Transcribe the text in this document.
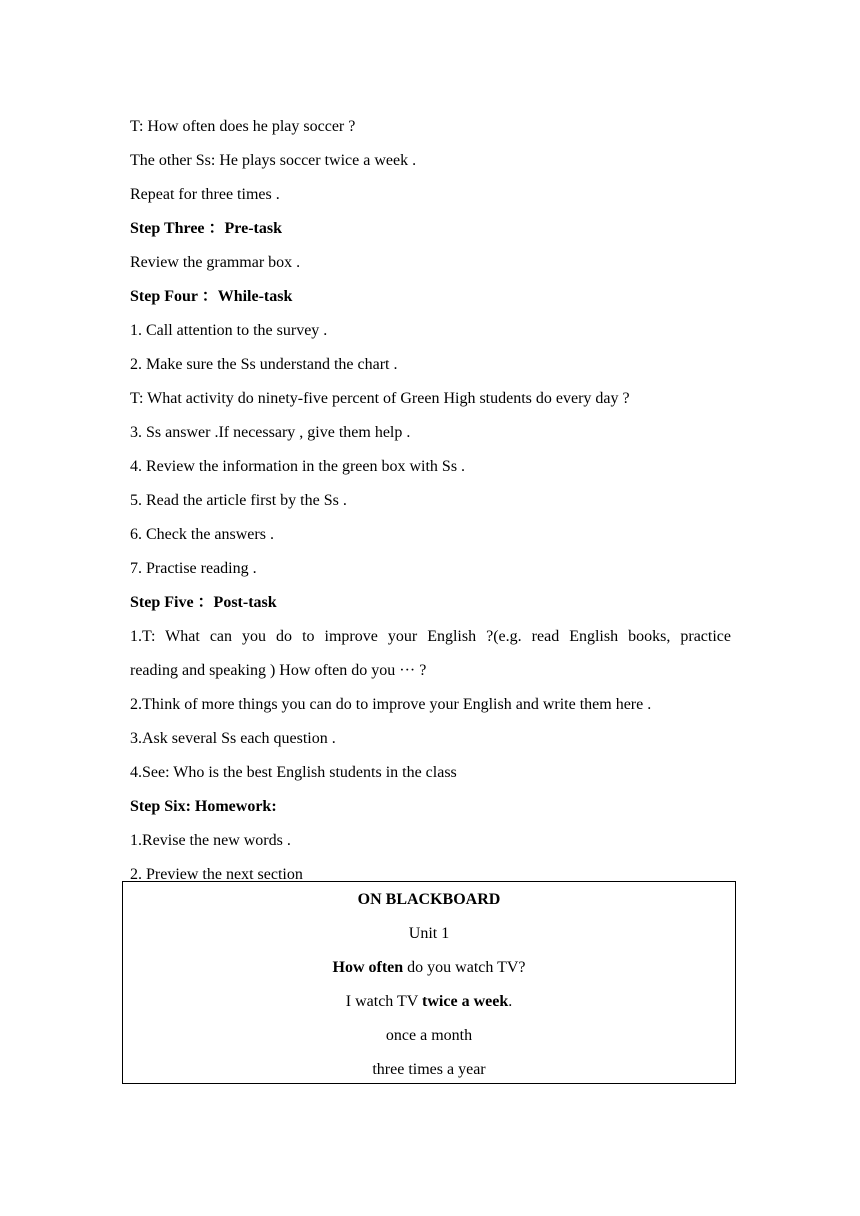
T: How often does he play soccer ?
The other Ss: He plays soccer twice a week .
Repeat for three times .
Step Three ：Pre-task
Review the grammar box .
Step Four ：While-task
1. Call attention to the survey .
2. Make sure the Ss understand the chart .
T: What activity do ninety-five percent of Green High students do every day ?
3. Ss answer .If necessary , give them help .
4. Review the information in the green box with Ss .
5. Read the article first by the Ss .
6. Check the answers .
7. Practise reading .
Step Five ：Post-task
1.T: What can you do to improve your English ?(e.g. read English books, practice
reading and speaking ) How often do you ··· ?
2.Think of more things you can do to improve your English and write them here .
3.Ask several Ss each question .
4.See: Who is the best English students in the class
Step Six: Homework:
1.Revise the new words .
2. Preview the next section
ON BLACKBOARD
Unit 1
How often do you watch TV?
I watch TV twice a week.
once a month
three times a year
